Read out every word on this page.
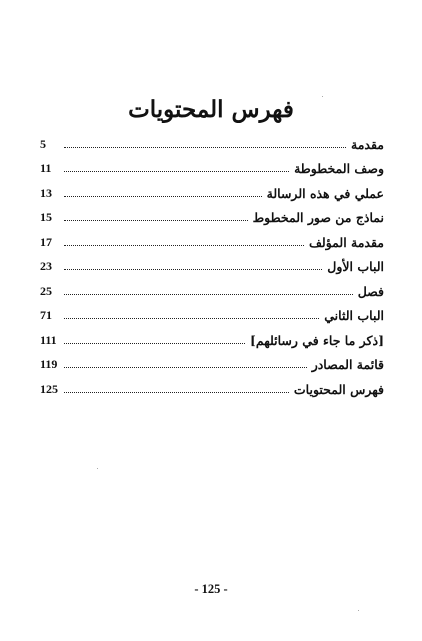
فهرس المحتويات
مقدمة
5
وصف المخطوطة
11
عملي في هذه الرسالة
13
نماذج من صور المخطوط
15
مقدمة المؤلف
17
الباب الأول
23
فصل
25
الباب الثاني
71
[ذكر ما جاء في رسائلهم]
111
قائمة المصادر
119
فهرس المحتويات
125
- 125 -
